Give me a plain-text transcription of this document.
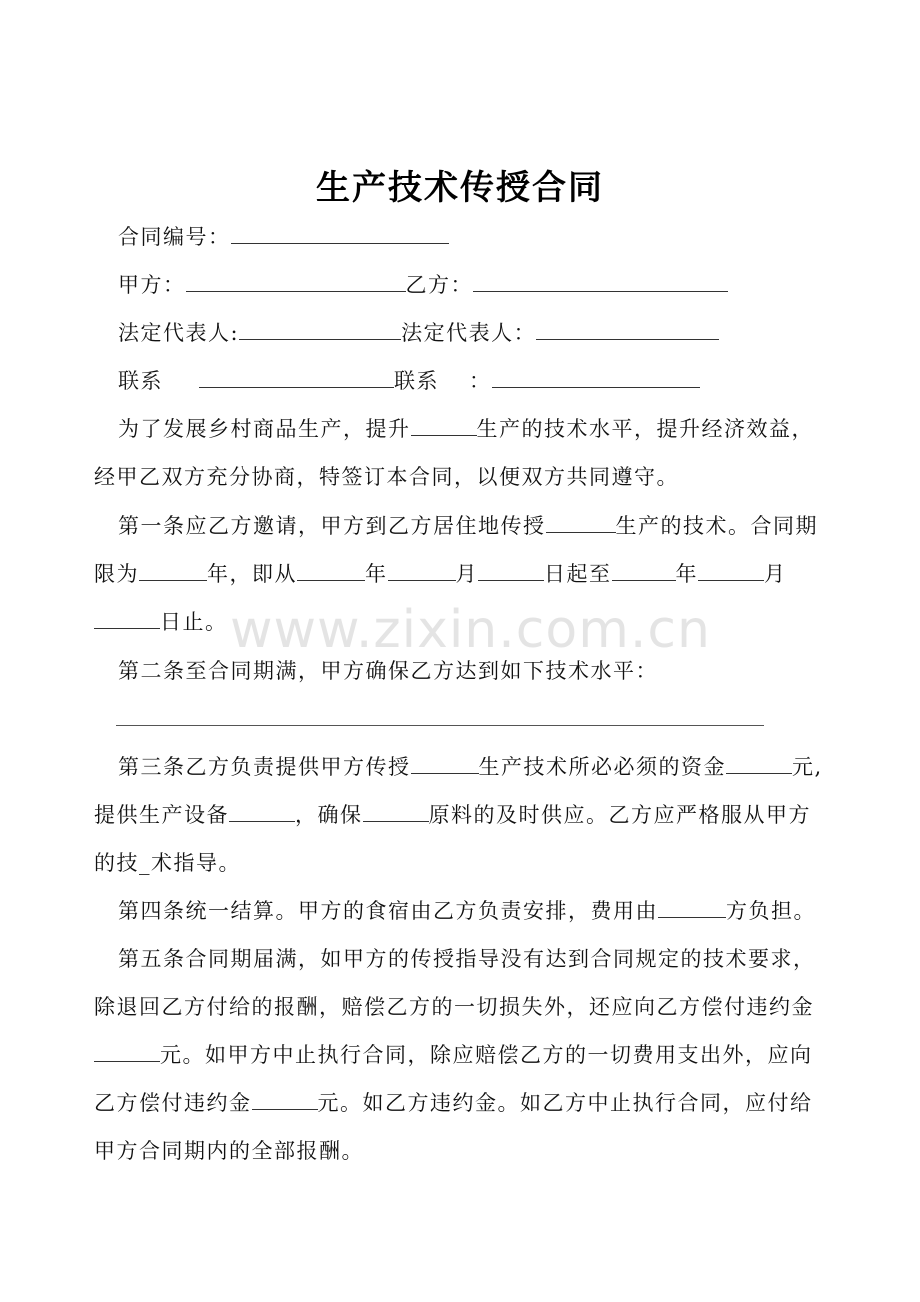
www.zixin.com.cn
生产技术传授合同
合同编号：
甲方：	乙方：
法定代表人:	法定代表人：
联系	联系 ：
为了发展乡村商品生产，提升	生产的技术水平，提升经济效益，
经甲乙双方充分协商，特签订本合同，以便双方共同遵守。
第一条应乙方邀请，甲方到乙方居住地传授	生产的技术。合同期
限为	年，即从	年	月	日起至	年	月
日止。
第二条至合同期满，甲方确保乙方达到如下技术水平：
第三条乙方负责提供甲方传授	生产技术所必必须的资金	元,
提供生产设备	，确保	原料的及时供应。乙方应严格服从甲方
的技_术指导。
第四条统一结算。甲方的食宿由乙方负责安排，费用由	方负担。
第五条合同期届满，如甲方的传授指导没有达到合同规定的技术要求，
除退回乙方付给的报酬，赔偿乙方的一切损失外，还应向乙方偿付违约金
元。如甲方中止执行合同，除应赔偿乙方的一切费用支出外，应向
乙方偿付违约金	元。如乙方违约金。如乙方中止执行合同，应付给
甲方合同期内的全部报酬。
